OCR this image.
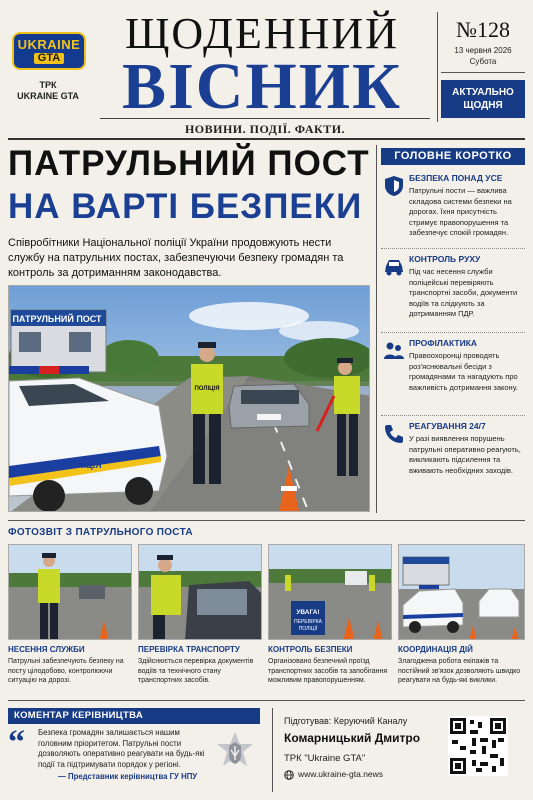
UKRAINE
GTA
ТРК
UKRAINE GTA
ЩОДЕННИЙ
ВІСНИК
НОВИНИ. ПОДІЇ. ФАКТИ.
№128
13 червня 2026
Субота
АКТУАЛЬНО ЩОДНЯ
ПАТРУЛЬНИЙ ПОСТ
НА ВАРТІ БЕЗПЕКИ
Співробітники Національної поліції України продовжують нести службу на патрульних постах, забезпечуючи безпеку громадян та контроль за дотриманням законодавства.
ПАТРУЛЬНИЙ ПОСТ
ПОЛІЦІЯ
ПОЛІЦІЯ
ГОЛОВНЕ КОРОТКО
БЕЗПЕКА ПОНАД УСЕ
Патрульні пости — важлива складова системи безпеки на дорогах. Їхня присутність стримує правопорушення та забезпечує спокій громадян.
КОНТРОЛЬ РУХУ
Під час несення служби поліцейські перевіряють транспортні засоби, документи водіїв та слідкують за дотриманням ПДР.
ПРОФІЛАКТИКА
Правоохоронці проводять роз'яснювальні бесіди з громадянами та нагадують про важливість дотримання закону.
РЕАГУВАННЯ 24/7
У разі виявлення порушень патрульні оперативно реагують, викликають підсилення та вживають необхідних заходів.
ФОТОЗВІТ З ПАТРУЛЬНОГО ПОСТА
НЕСЕННЯ СЛУЖБИ
Патрульні забезпечують безпеку на посту цілодобово, контролюючи ситуацію на дорозі.
ПЕРЕВІРКА ТРАНСПОРТУ
Здійснюється перевірка документів водіїв та технічного стану транспортних засобів.
УВАГА!
ПЕРЕВІРКА
ПОЛІЦІЇ
КОНТРОЛЬ БЕЗПЕКИ
Організовано безпечний проїзд транспортних засобів та запобігання можливим правопорушенням.
КООРДИНАЦІЯ ДІЙ
Злагоджена робота екіпажів та постійний зв'язок дозволяють швидко реагувати на будь-які виклики.
КОМЕНТАР КЕРІВНИЦТВА
“ Безпека громадян залишається нашим головним пріоритетом. Патрульні пости дозволяють оперативно реагувати на будь-які події та підтримувати порядок у регіоні.
— Представник керівництва ГУ НПУ
Підготував: Керуючий Каналу
Комарницький Дмитро
ТРК "Ukraine GTA"
www.ukraine-gta.news
